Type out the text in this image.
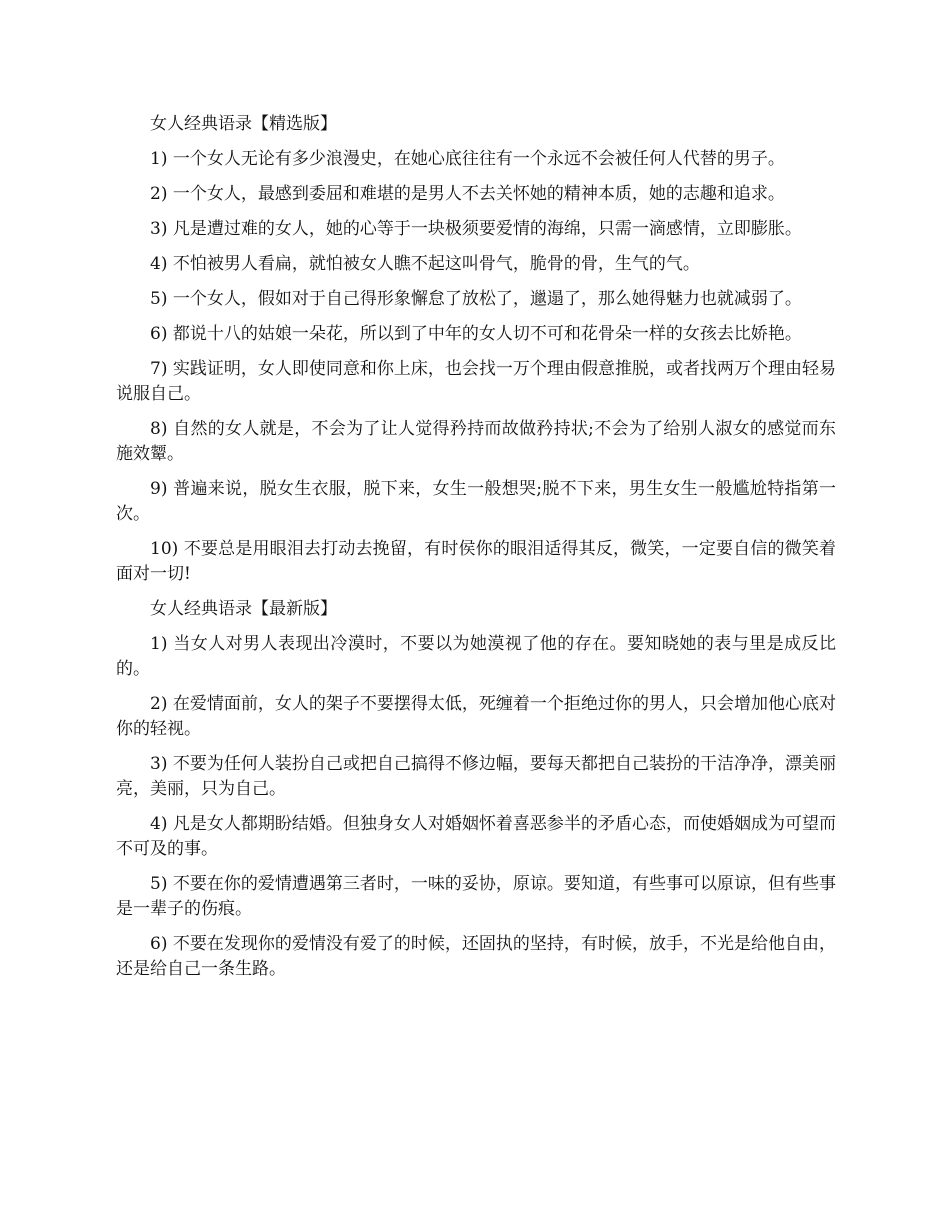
女人经典语录【精选版】

1) 一个女人无论有多少浪漫史，在她心底往往有一个永远不会被任何人代替的男子。

2) 一个女人，最感到委屈和难堪的是男人不去关怀她的精神本质，她的志趣和追求。

3) 凡是遭过难的女人，她的心等于一块极须要爱情的海绵，只需一滴感情，立即膨胀。

4) 不怕被男人看扁，就怕被女人瞧不起这叫骨气，脆骨的骨，生气的气。

5) 一个女人，假如对于自己得形象懈怠了放松了，邋遢了，那么她得魅力也就减弱了。

6) 都说十八的姑娘一朵花，所以到了中年的女人切不可和花骨朵一样的女孩去比娇艳。

7) 实践证明，女人即使同意和你上床，也会找一万个理由假意推脱，或者找两万个理由轻易说服自己。

8) 自然的女人就是，不会为了让人觉得矜持而故做矜持状;不会为了给别人淑女的感觉而东施效颦。

9) 普遍来说，脱女生衣服，脱下来，女生一般想哭;脱不下来，男生女生一般尴尬特指第一次。

10) 不要总是用眼泪去打动去挽留，有时侯你的眼泪适得其反，微笑，一定要自信的微笑着面对一切!

女人经典语录【最新版】

1) 当女人对男人表现出冷漠时，不要以为她漠视了他的存在。要知晓她的表与里是成反比的。

2) 在爱情面前，女人的架子不要摆得太低，死缠着一个拒绝过你的男人，只会增加他心底对你的轻视。

3) 不要为任何人装扮自己或把自己搞得不修边幅，要每天都把自己装扮的干洁净净，漂美丽亮，美丽，只为自己。

4) 凡是女人都期盼结婚。但独身女人对婚姻怀着喜恶参半的矛盾心态，而使婚姻成为可望而不可及的事。

5) 不要在你的爱情遭遇第三者时，一味的妥协，原谅。要知道，有些事可以原谅，但有些事是一辈子的伤痕。

6) 不要在发现你的爱情没有爱了的时候，还固执的坚持，有时候，放手，不光是给他自由，还是给自己一条生路。
